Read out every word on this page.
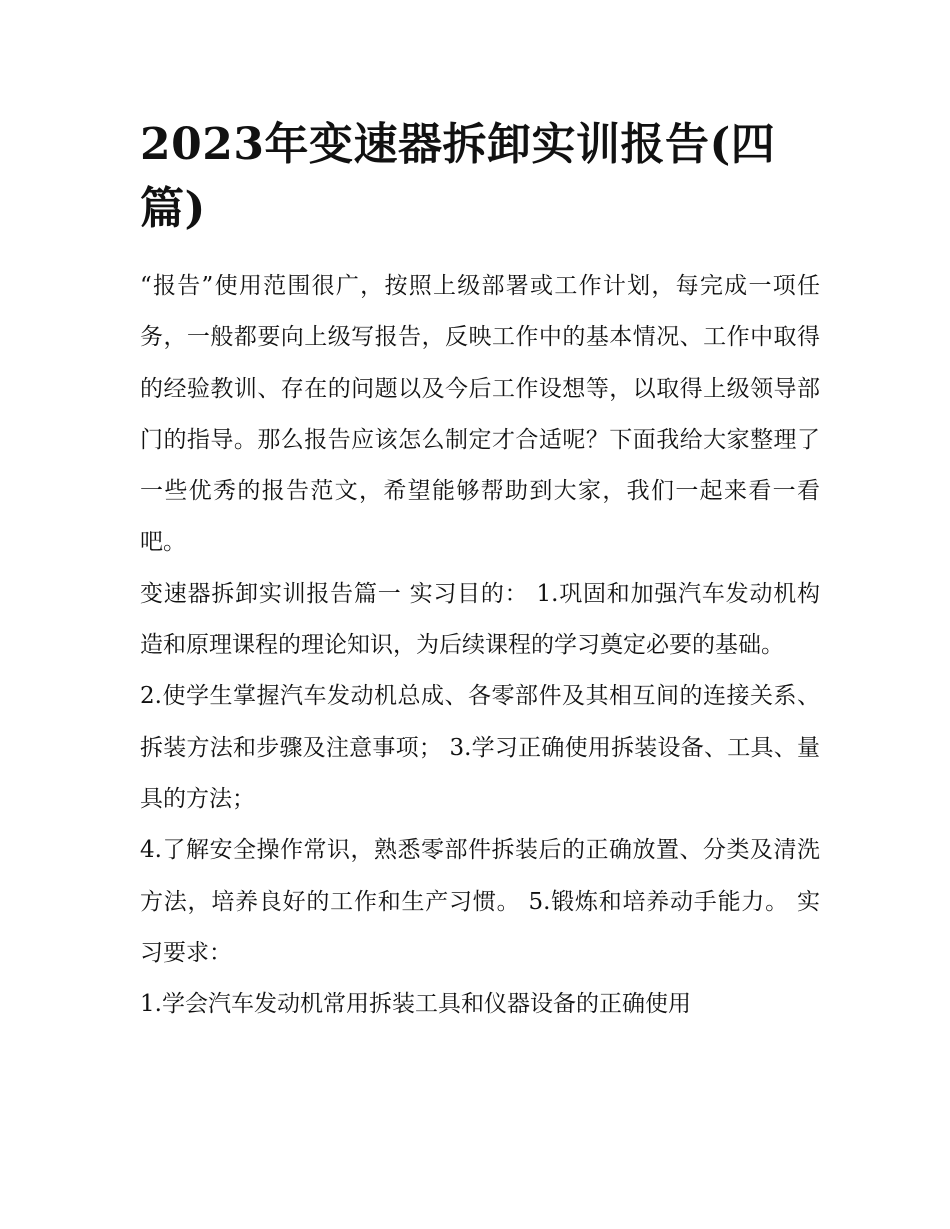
2023年变速器拆卸实训报告(四篇)

“报告”使用范围很广，按照上级部署或工作计划，每完成一项任务，一般都要向上级写报告，反映工作中的基本情况、工作中取得的经验教训、存在的问题以及今后工作设想等，以取得上级领导部门的指导。那么报告应该怎么制定才合适呢？下面我给大家整理了一些优秀的报告范文，希望能够帮助到大家，我们一起来看一看吧。

变速器拆卸实训报告篇一 实习目的： 1.巩固和加强汽车发动机构造和原理课程的理论知识，为后续课程的学习奠定必要的基础。

2.使学生掌握汽车发动机总成、各零部件及其相互间的连接关系、拆装方法和步骤及注意事项； 3.学习正确使用拆装设备、工具、量具的方法；

4.了解安全操作常识，熟悉零部件拆装后的正确放置、分类及清洗方法，培养良好的工作和生产习惯。 5.锻炼和培养动手能力。 实习要求：

1.学会汽车发动机常用拆装工具和仪器设备的正确使用
